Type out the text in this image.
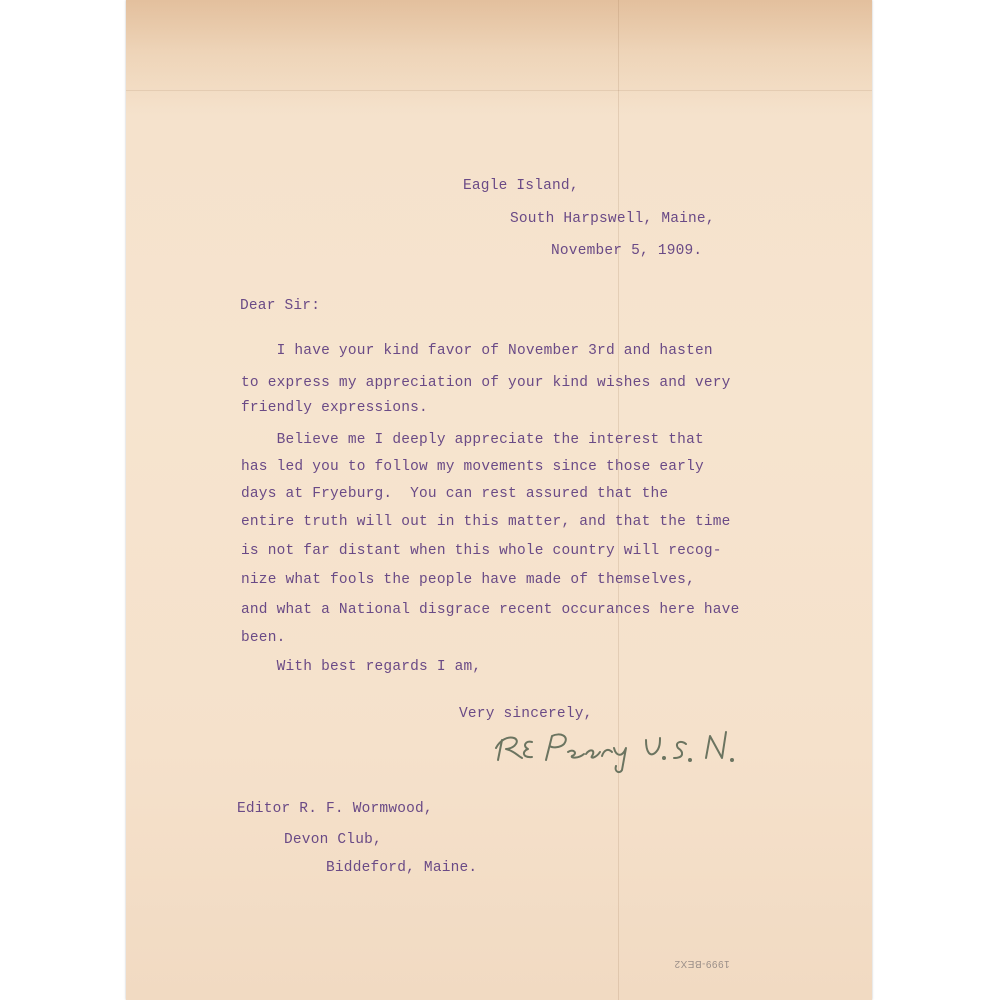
Eagle Island,
South Harpswell, Maine,
November 5, 1909.
Dear Sir:
I have your kind favor of November 3rd and hasten
to express my appreciation of your kind wishes and very
friendly expressions.
Believe me I deeply appreciate the interest that
has led you to follow my movements since those early
days at Fryeburg.  You can rest assured that the
entire truth will out in this matter, and that the time
is not far distant when this whole country will recog-
nize what fools the people have made of themselves,
and what a National disgrace recent occurances here have
been.
With best regards I am,
Very sincerely,
Editor R. F. Wormwood,
Devon Club,
Biddeford, Maine.
1999-BEX2
